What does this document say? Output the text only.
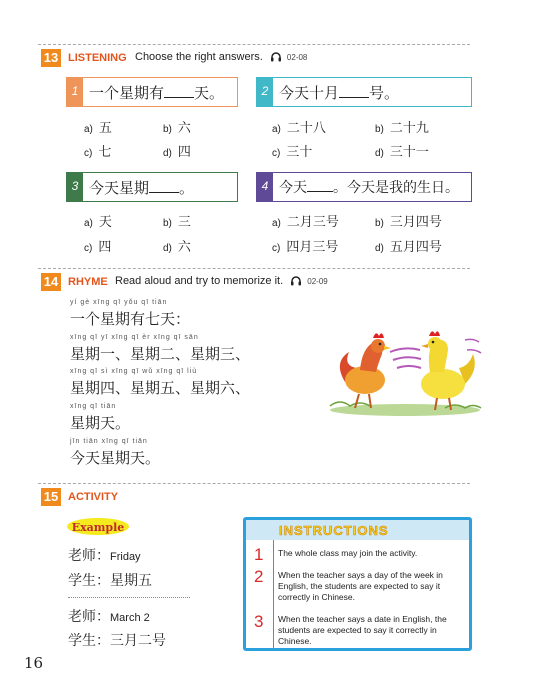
13 LISTENING Choose the right answers.	02-08
1 一个星期有 天。
a) 五	b) 六
c) 七	d) 四
2 今天十月 号。
a) 二十八	b) 二十九
c) 三十	d) 三十一
3 今天星期 。
a) 天	b) 三
c) 四	d) 六
4 今天 。今天是我的生日。
a) 二月三号	b) 三月四号
c) 四月三号	d) 五月四号
14 RHYME Read aloud and try to memorize it.	02-09
yí gè xīng qī yǒu qī tiān
一个星期有七天：
xīng qī yī xīng qī èr xīng qī sān
星期一、星期二、星期三、
xīng qī sì xīng qī wǔ xīng qī liù
星期四、星期五、星期六、
xīng qī tiān
星期天。
jīn tiān xīng qī tiān
今天星期天。
15 ACTIVITY
Example
老师：Friday
学生：星期五
老师：March 2
学生：三月二号
INSTRUCTIONS
1 The whole class may join the activity.
2 When the teacher says a day of the week in English, the students are expected to say it correctly in Chinese.
3 When the teacher says a date in English, the students are expected to say it correctly in Chinese.
16
